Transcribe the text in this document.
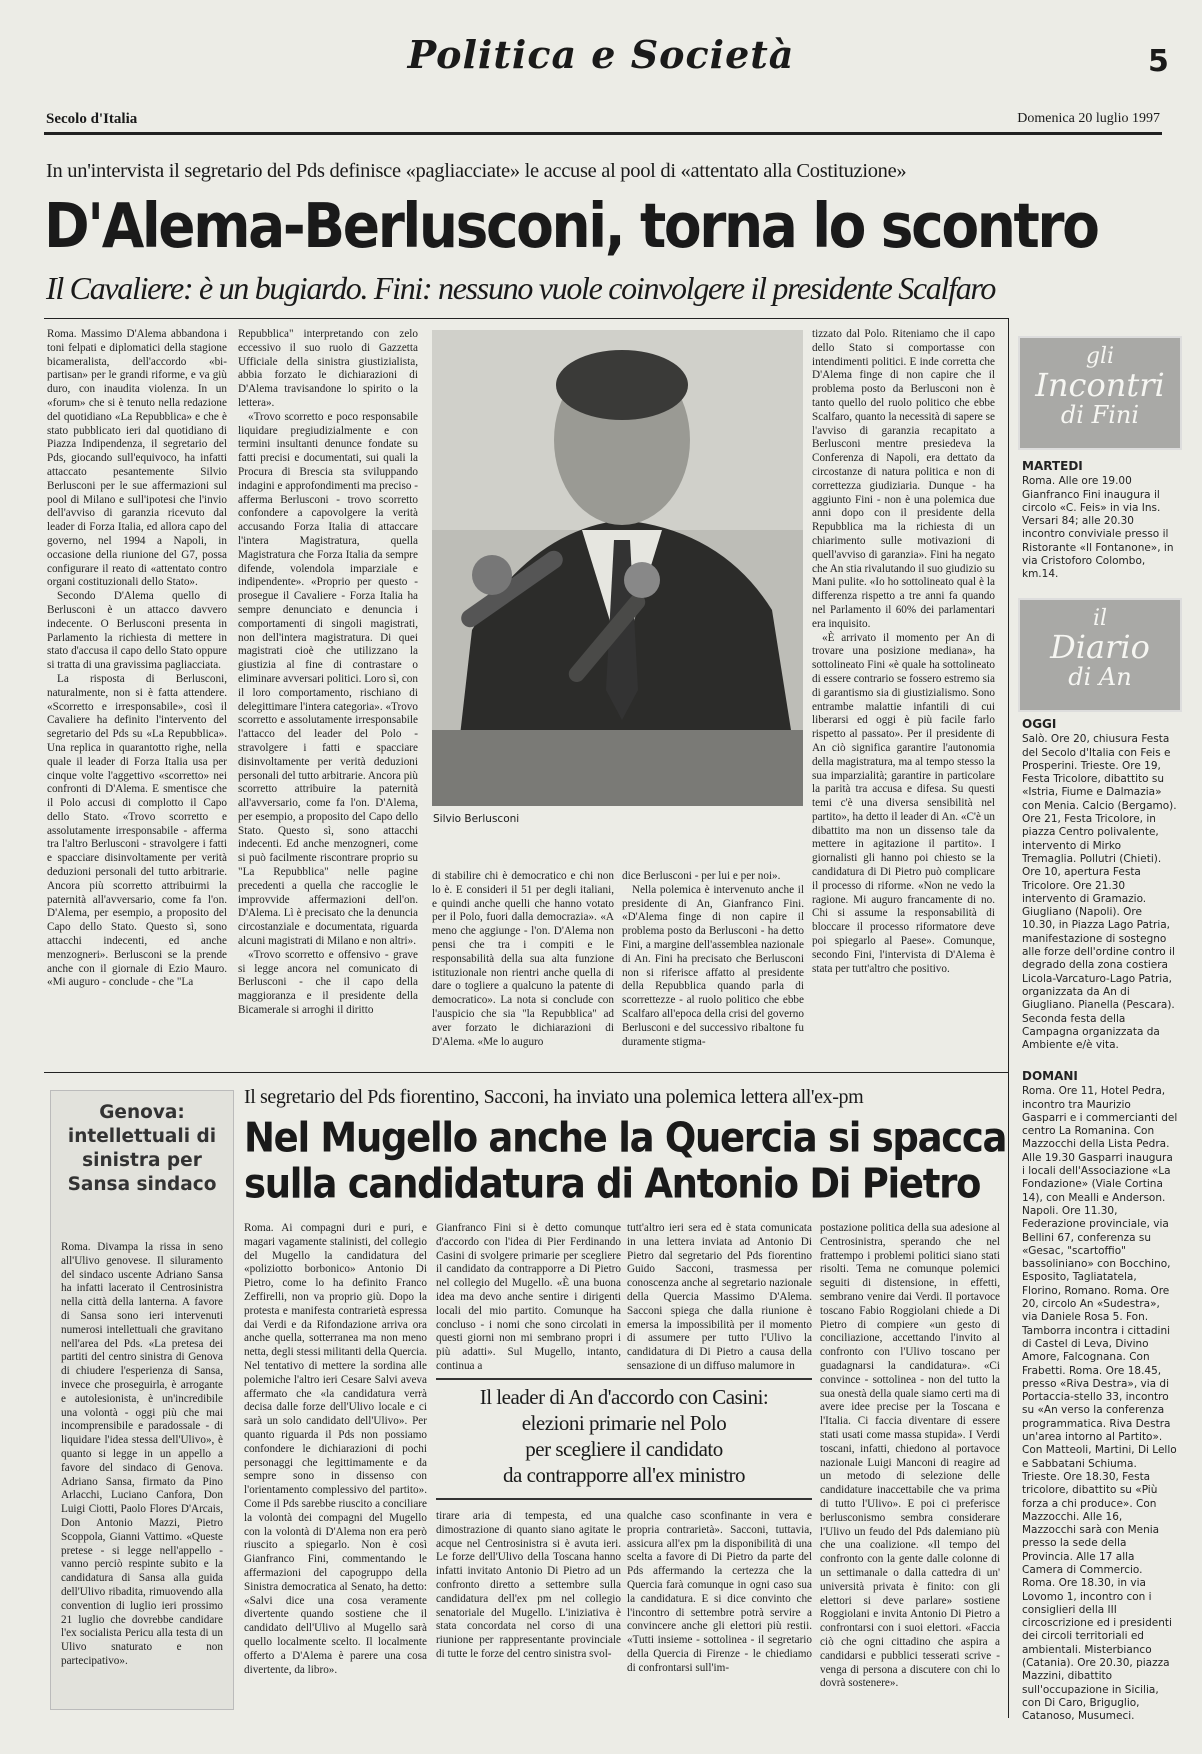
Politica e Società	5
Secolo d'Italia	Domenica 20 luglio 1997
In un'intervista il segretario del Pds definisce «pagliacciate» le accuse al pool di «attentato alla Costituzione»
D'Alema-Berlusconi, torna lo scontro
Il Cavaliere: è un bugiardo. Fini: nessuno vuole coinvolgere il presidente Scalfaro

Roma. Massimo D'Alema abbandona i toni felpati e diplomatici della stagione bicameralista, dell'accordo «bi-partisan» per le grandi riforme, e va giù duro, con inaudita violenza. In un «forum» che si è tenuto nella redazione del quotidiano «La Repubblica» e che è stato pubblicato ieri dal quotidiano di Piazza Indipendenza, il segretario del Pds, giocando sull'equivoco, ha infatti attaccato pesantemente Silvio Berlusconi per le sue affermazioni sul pool di Milano e sull'ipotesi che l'invio dell'avviso di garanzia ricevuto dal leader di Forza Italia, ed allora capo del governo, nel 1994 a Napoli, in occasione della riunione del G7, possa configurare il reato di «attentato contro organi costituzionali dello Stato».

Secondo D'Alema quello di Berlusconi è un attacco davvero indecente. O Berlusconi presenta in Parlamento la richiesta di mettere in stato d'accusa il capo dello Stato oppure si tratta di una gravissima pagliacciata.

La risposta di Berlusconi, naturalmente, non si è fatta attendere. «Scorretto e irresponsabile», così il Cavaliere ha definito l'intervento del segretario del Pds su «La Repubblica». Una replica in quarantotto righe, nella quale il leader di Forza Italia usa per cinque volte l'aggettivo «scorretto» nei confronti di D'Alema. E smentisce che il Polo accusi di complotto il Capo dello Stato. «Trovo scorretto e assolutamente irresponsabile - afferma tra l'altro Berlusconi - stravolgere i fatti e spacciare disinvoltamente per verità deduzioni personali del tutto arbitrarie. Ancora più scorretto attribuirmi la paternità all'avversario, come fa l'on. D'Alema, per esempio, a proposito del Capo dello Stato. Questo sì, sono attacchi indecenti, ed anche menzogneri». Berlusconi se la prende anche con il giornale di Ezio Mauro. «Mi auguro - conclude - che "La

Repubblica" interpretando con zelo eccessivo il suo ruolo di Gazzetta Ufficiale della sinistra giustizialista, abbia forzato le dichiarazioni di D'Alema travisandone lo spirito o la lettera».

«Trovo scorretto e poco responsabile liquidare pregiudizialmente e con termini insultanti denunce fondate su fatti precisi e documentati, sui quali la Procura di Brescia sta sviluppando indagini e approfondimenti ma preciso - afferma Berlusconi - trovo scorretto confondere a capovolgere la verità accusando Forza Italia di attaccare l'intera Magistratura, quella Magistratura che Forza Italia da sempre difende, volendola imparziale e indipendente». «Proprio per questo - prosegue il Cavaliere - Forza Italia ha sempre denunciato e denuncia i comportamenti di singoli magistrati, non dell'intera magistratura. Di quei magistrati cioè che utilizzano la giustizia al fine di contrastare o eliminare avversari politici. Loro sì, con il loro comportamento, rischiano di delegittimare l'intera categoria». «Trovo scorretto e assolutamente irresponsabile l'attacco del leader del Polo - stravolgere i fatti e spacciare disinvoltamente per verità deduzioni personali del tutto arbitrarie. Ancora più scorretto attribuire la paternità all'avversario, come fa l'on. D'Alema, per esempio, a proposito del Capo dello Stato. Questo sì, sono attacchi indecenti. Ed anche menzogneri, come si può facilmente riscontrare proprio su "La Repubblica" nelle pagine precedenti a quella che raccoglie le improvvide affermazioni dell'on. D'Alema. Lì è precisato che la denuncia circostanziale e documentata, riguarda alcuni magistrati di Milano e non altri».

«Trovo scorretto e offensivo - grave si legge ancora nel comunicato di Berlusconi - che il capo della maggioranza e il presidente della Bicamerale si arroghi il diritto

Silvio Berlusconi

di stabilire chi è democratico e chi non lo è. E consideri il 51 per degli italiani, e quindi anche quelli che hanno votato per il Polo, fuori dalla democrazia». «A meno che aggiunge - l'on. D'Alema non pensi che tra i compiti e le responsabilità della sua alta funzione istituzionale non rientri anche quella di dare o togliere a qualcuno la patente di democratico». La nota si conclude con l'auspicio che sia "la Repubblica" ad aver forzato le dichiarazioni di D'Alema. «Me lo auguro

dice Berlusconi - per lui e per noi».

Nella polemica è intervenuto anche il presidente di An, Gianfranco Fini. «D'Alema finge di non capire il problema posto da Berlusconi - ha detto Fini, a margine dell'assemblea nazionale di An. Fini ha precisato che Berlusconi non si riferisce affatto al presidente della Repubblica quando parla di scorrettezze - al ruolo politico che ebbe Scalfaro all'epoca della crisi del governo Berlusconi e del successivo ribaltone fu duramente stigma-

tizzato dal Polo. Riteniamo che il capo dello Stato si comportasse con intendimenti politici. E inde corretta che D'Alema finge di non capire che il problema posto da Berlusconi non è tanto quello del ruolo politico che ebbe Scalfaro, quanto la necessità di sapere se l'avviso di garanzia recapitato a Berlusconi mentre presiedeva la Conferenza di Napoli, era dettato da circostanze di natura politica e non di correttezza giudiziaria. Dunque - ha aggiunto Fini - non è una polemica due anni dopo con il presidente della Repubblica ma la richiesta di un chiarimento sulle motivazioni di quell'avviso di garanzia». Fini ha negato che An stia rivalutando il suo giudizio su Mani pulite. «Io ho sottolineato qual è la differenza rispetto a tre anni fa quando nel Parlamento il 60% dei parlamentari era inquisito.

«È arrivato il momento per An di trovare una posizione mediana», ha sottolineato Fini «è quale ha sottolineato di essere contrario se fossero estremo sia di garantismo sia di giustizialismo. Sono entrambe malattie infantili di cui liberarsi ed oggi è più facile farlo rispetto al passato». Per il presidente di An ciò significa garantire l'autonomia della magistratura, ma al tempo stesso la sua imparzialità; garantire in particolare la parità tra accusa e difesa. Su questi temi c'è una diversa sensibilità nel partito», ha detto il leader di An. «C'è un dibattito ma non un dissenso tale da mettere in agitazione il partito». I giornalisti gli hanno poi chiesto se la candidatura di Di Pietro può complicare il processo di riforme. «Non ne vedo la ragione. Mi auguro francamente di no. Chi si assume la responsabilità di bloccare il processo riformatore deve poi spiegarlo al Paese». Comunque, secondo Fini, l'intervista di D'Alema è stata per tutt'altro che positivo.

gli
Incontri
di Fini
MARTEDI

Roma. Alle ore 19.00 Gianfranco Fini inaugura il circolo «C. Feis» in via Ins. Versari 84; alle 20.30 incontro conviviale presso il Ristorante «Il Fontanone», in via Cristoforo Colombo, km.14.

il
Diario
di An
OGGI

Salò. Ore 20, chiusura Festa del Secolo d'Italia con Feis e Prosperini. Trieste. Ore 19, Festa Tricolore, dibattito su «Istria, Fiume e Dalmazia» con Menia. Calcio (Bergamo). Ore 21, Festa Tricolore, in piazza Centro polivalente, intervento di Mirko Tremaglia. Pollutri (Chieti). Ore 10, apertura Festa Tricolore. Ore 21.30 intervento di Gramazio. Giugliano (Napoli). Ore 10.30, in Piazza Lago Patria, manifestazione di sostegno alle forze dell'ordine contro il degrado della zona costiera Licola-Varcaturo-Lago Patria, organizzata da An di Giugliano. Pianella (Pescara). Seconda festa della Campagna organizzata da Ambiente e/è vita.

DOMANI

Roma. Ore 11, Hotel Pedra, incontro tra Maurizio Gasparri e i commercianti del centro La Romanina. Con Mazzocchi della Lista Pedra. Alle 19.30 Gasparri inaugura i locali dell'Associazione «La Fondazione» (Viale Cortina 14), con Mealli e Anderson. Napoli. Ore 11.30, Federazione provinciale, via Bellini 67, conferenza su «Gesac, "scartoffio" bassoliniano» con Bocchino, Esposito, Tagliatatela, Florino, Romano. Roma. Ore 20, circolo An «Sudestra», via Daniele Rosa 5. Fon. Tamborra incontra i cittadini di Castel di Leva, Divino Amore, Falcognana. Con Frabetti. Roma. Ore 18.45, presso «Riva Destra», via di Portaccia-stello 33, incontro su «An verso la conferenza programmatica. Riva Destra un'area intorno al Partito». Con Matteoli, Martini, Di Lello e Sabbatani Schiuma. Trieste. Ore 18.30, Festa tricolore, dibattito su «Più forza a chi produce». Con Mazzocchi. Alle 16, Mazzocchi sarà con Menia presso la sede della Provincia. Alle 17 alla Camera di Commercio. Roma. Ore 18.30, in via Lovomo 1, incontro con i consiglieri della III circoscrizione ed i presidenti dei circoli territoriali ed ambientali. Misterbianco (Catania). Ore 20.30, piazza Mazzini, dibattito sull'occupazione in Sicilia, con Di Caro, Briguglio, Catanoso, Musumeci.

Genova: intellettuali di sinistra per Sansa sindaco

Roma. Divampa la rissa in seno all'Ulivo genovese. Il siluramento del sindaco uscente Adriano Sansa ha infatti lacerato il Centrosinistra nella città della lanterna. A favore di Sansa sono ieri intervenuti numerosi intellettuali che gravitano nell'area del Pds. «La pretesa dei partiti del centro sinistra di Genova di chiudere l'esperienza di Sansa, invece che proseguirla, è arrogante e autolesionista, è un'incredibile una volontà - oggi più che mai incomprensibile e paradossale - di liquidare l'idea stessa dell'Ulivo», è quanto si legge in un appello a favore del sindaco di Genova. Adriano Sansa, firmato da Pino Arlacchi, Luciano Canfora, Don Luigi Ciotti, Paolo Flores D'Arcais, Don Antonio Mazzi, Pietro Scoppola, Gianni Vattimo. «Queste pretese - si legge nell'appello - vanno perciò respinte subito e la candidatura di Sansa alla guida dell'Ulivo ribadita, rimuovendo alla convention di luglio ieri prossimo 21 luglio che dovrebbe candidare l'ex socialista Pericu alla testa di un Ulivo snaturato e non partecipativo».

Il segretario del Pds fiorentino, Sacconi, ha inviato una polemica lettera all'ex-pm
Nel Mugello anche la Quercia si spacca
sulla candidatura di Antonio Di Pietro

Roma. Ai compagni duri e puri, e magari vagamente stalinisti, del collegio del Mugello la candidatura del «poliziotto borbonico» Antonio Di Pietro, come lo ha definito Franco Zeffirelli, non va proprio giù. Dopo la protesta e manifesta contrarietà espressa dai Verdi e da Rifondazione arriva ora anche quella, sotterranea ma non meno netta, degli stessi militanti della Quercia. Nel tentativo di mettere la sordina alle polemiche l'altro ieri Cesare Salvi aveva affermato che «la candidatura verrà decisa dalle forze dell'Ulivo locale e ci sarà un solo candidato dell'Ulivo». Per quanto riguarda il Pds non possiamo confondere le dichiarazioni di pochi personaggi che legittimamente e da sempre sono in dissenso con l'orientamento complessivo del partito». Come il Pds sarebbe riuscito a conciliare la volontà dei compagni del Mugello con la volontà di D'Alema non era però riuscito a spiegarlo. Non è così Gianfranco Fini, commentando le affermazioni del capogruppo della Sinistra democratica al Senato, ha detto: «Salvi dice una cosa veramente divertente quando sostiene che il candidato dell'Ulivo al Mugello sarà quello localmente scelto. Il localmente offerto a D'Alema è parere una cosa divertente, da libro».

Gianfranco Fini si è detto comunque d'accordo con l'idea di Pier Ferdinando Casini di svolgere primarie per scegliere il candidato da contrapporre a Di Pietro nel collegio del Mugello. «È una buona idea ma devo anche sentire i dirigenti locali del mio partito. Comunque ha concluso - i nomi che sono circolati in questi giorni non mi sembrano propri i più adatti». Sul Mugello, intanto, continua a

tutt'altro ieri sera ed è stata comunicata in una lettera inviata ad Antonio Di Pietro dal segretario del Pds fiorentino Guido Sacconi, trasmessa per conoscenza anche al segretario nazionale della Quercia Massimo D'Alema. Sacconi spiega che dalla riunione è emersa la impossibilità per il momento di assumere per tutto l'Ulivo la candidatura di Di Pietro a causa della sensazione di un diffuso malumore in

postazione politica della sua adesione al Centrosinistra, sperando che nel frattempo i problemi politici siano stati risolti. Tema ne comunque polemici seguiti di distensione, in effetti, sembrano venire dai Verdi. Il portavoce toscano Fabio Roggiolani chiede a Di Pietro di compiere «un gesto di conciliazione, accettando l'invito al confronto con l'Ulivo toscano per guadagnarsi la candidatura». «Ci convince - sottolinea - non del tutto la sua onestà della quale siamo certi ma di avere idee precise per la Toscana e l'Italia. Ci faccia diventare di essere stati usati come massa stupida». I Verdi toscani, infatti, chiedono al portavoce nazionale Luigi Manconi di reagire ad un metodo di selezione delle candidature inaccettabile che va prima di tutto l'Ulivo». E poi ci preferisce berlusconismo sembra considerare l'Ulivo un feudo del Pds dalemiano più che una coalizione. «Il tempo del confronto con la gente dalle colonne di un settimanale o dalla cattedra di un' università privata è finito: con gli elettori si deve parlare» sostiene Roggiolani e invita Antonio Di Pietro a confrontarsi con i suoi elettori. «Faccia ciò che ogni cittadino che aspira a candidarsi e pubblici tesserati scrive - venga di persona a discutere con chi lo dovrà sostenere».

Il leader di An d'accordo con Casini:
elezioni primarie nel Polo
per scegliere il candidato
da contrapporre all'ex ministro

tirare aria di tempesta, ed una dimostrazione di quanto siano agitate le acque nel Centrosinistra si è avuta ieri. Le forze dell'Ulivo della Toscana hanno infatti invitato Antonio Di Pietro ad un confronto diretto a settembre sulla candidatura dell'ex pm nel collegio senatoriale del Mugello. L'iniziativa è stata concordata nel corso di una riunione per rappresentante provinciale di tutte le forze del centro sinistra svol-

qualche caso sconfinante in vera e propria contrarietà». Sacconi, tuttavia, assicura all'ex pm la disponibilità di una scelta a favore di Di Pietro da parte del Pds affermando la certezza che la Quercia farà comunque in ogni caso sua la candidatura. E si dice convinto che l'incontro di settembre potrà servire a convincere anche gli elettori più restii. «Tutti insieme - sottolinea - il segretario della Quercia di Firenze - le chiediamo di confrontarsi sull'im-
